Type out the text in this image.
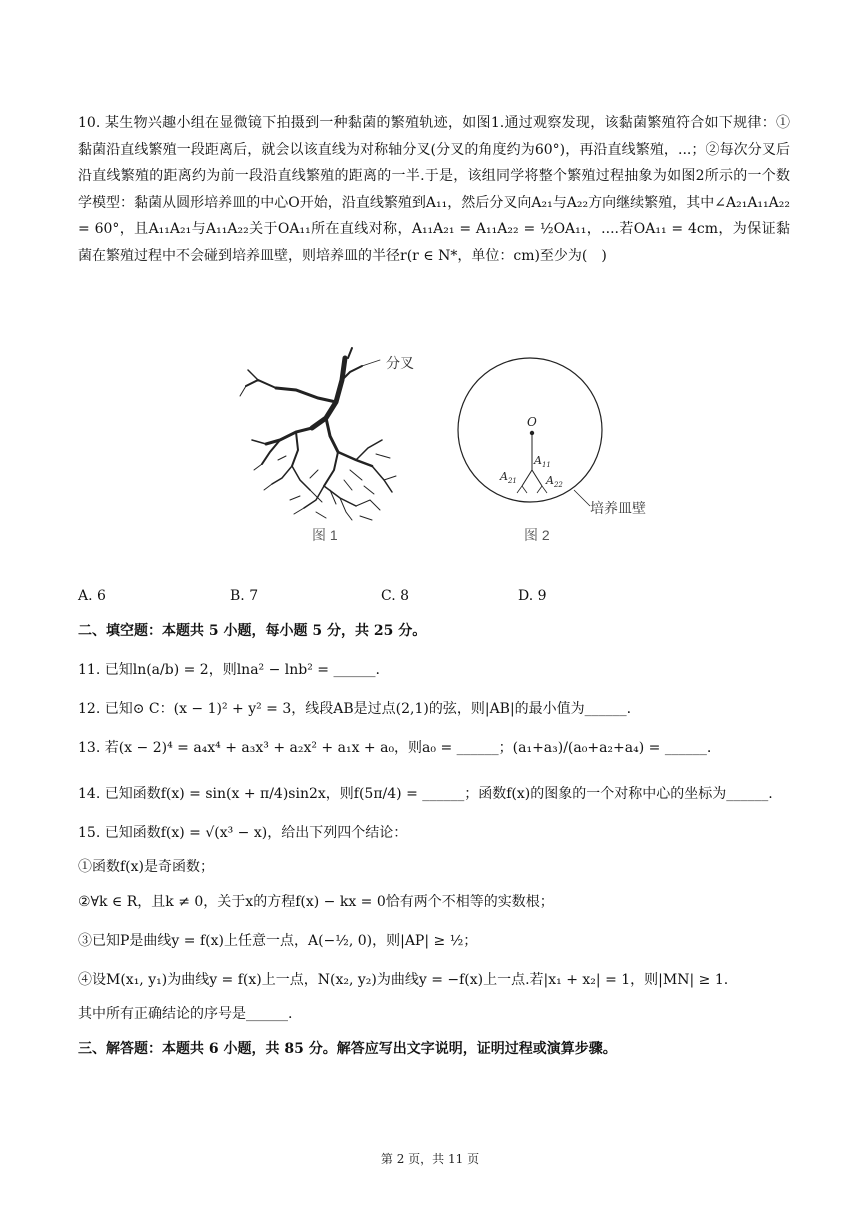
10. 某生物兴趣小组在显微镜下拍摄到一种黏菌的繁殖轨迹，如图1.通过观察发现，该黏菌繁殖符合如下规律：①黏菌沿直线繁殖一段距离后，就会以该直线为对称轴分叉(分叉的角度约为60°)，再沿直线繁殖，...；②每次分叉后沿直线繁殖的距离约为前一段沿直线繁殖的距离的一半.于是，该组同学将整个繁殖过程抽象为如图2所示的一个数学模型：黏菌从圆形培养皿的中心O开始，沿直线繁殖到A₁₁，然后分叉向A₂₁与A₂₂方向继续繁殖，其中∠A₂₁A₁₁A₂₂ = 60°，且A₁₁A₂₁与A₁₁A₂₂关于OA₁₁所在直线对称，A₁₁A₂₁ = A₁₁A₂₂ = ½OA₁₁，....若OA₁₁ = 4cm，为保证黏菌在繁殖过程中不会碰到培养皿壁，则培养皿的半径r(r ∈ N*，单位：cm)至少为(　)
分叉
图 1
O
$A_{11}$
$A_{21}$	$A_{22}$
培养皿壁
图 2
A. 6	B. 7	C. 8	D. 9
二、填空题：本题共 5 小题，每小题 5 分，共 25 分。
11. 已知ln(a/b) = 2，则lna² − lnb² = ______.
12. 已知⊙ C：(x − 1)² + y² = 3，线段AB是过点(2,1)的弦，则|AB|的最小值为______.
13. 若(x − 2)⁴ = a₄x⁴ + a₃x³ + a₂x² + a₁x + a₀，则a₀ = ______；(a₁+a₃)/(a₀+a₂+a₄) = ______.
14. 已知函数f(x) = sin(x + π/4)sin2x，则f(5π/4) = ______；函数f(x)的图象的一个对称中心的坐标为______.
15. 已知函数f(x) = √(x³ − x)，给出下列四个结论：
①函数f(x)是奇函数；
②∀k ∈ R，且k ≠ 0，关于x的方程f(x) − kx = 0恰有两个不相等的实数根；
③已知P是曲线y = f(x)上任意一点，A(−½, 0)，则|AP| ≥ ½；
④设M(x₁, y₁)为曲线y = f(x)上一点，N(x₂, y₂)为曲线y = −f(x)上一点.若|x₁ + x₂| = 1，则|MN| ≥ 1.
其中所有正确结论的序号是______.
三、解答题：本题共 6 小题，共 85 分。解答应写出文字说明，证明过程或演算步骤。
第 2 页，共 11 页
